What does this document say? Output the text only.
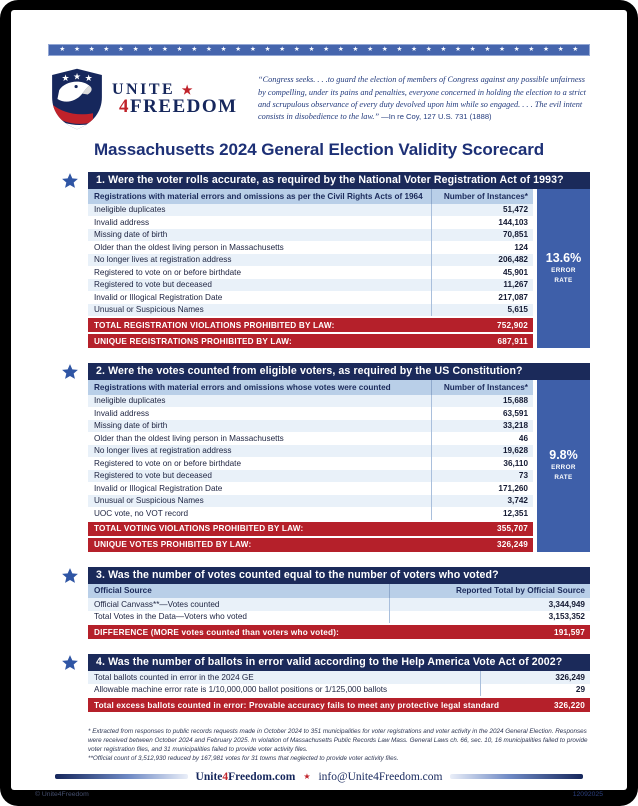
★ ★ ★ ★ ★ ★ ★ ★ ★ ★ ★ ★ ★ ★ ★ ★ ★ ★ ★ ★ ★ ★ ★ ★ ★ ★ ★ ★ ★ ★ ★ ★ ★ ★ ★ ★
★ ★ ★
UNITE ★
4FREEDOM

“Congress seeks. . . .to guard the election of members of Congress against any possible unfairness by compelling, under its pains and penalties, everyone concerned in holding the election to a strict and scrupulous observance of every duty devolved upon him while so engaged. . . . The evil intent consists in disobedience to the law.” —In re Coy, 127 U.S. 731 (1888)

Massachusetts 2024 General Election Validity Scorecard
1. Were the voter rolls accurate, as required by the National Voter Registration Act of 1993?
Registrations with material errors and omissions as per the Civil Rights Acts of 1964	Number of Instances*
Ineligible duplicates	51,472
Invalid address	144,103
Missing date of birth	70,851
Older than the oldest living person in Massachusetts	124
No longer lives at registration address	206,482
Registered to vote on or before birthdate	45,901
Registered to vote but deceased	11,267
Invalid or Illogical Registration Date	217,087
Unusual or Suspicious Names	5,615
TOTAL REGISTRATION VIOLATIONS PROHIBITED BY LAW:	752,902
UNIQUE REGISTRATIONS PROHIBITED BY LAW:	687,911
13.6%
ERROR RATE
2. Were the votes counted from eligible voters, as required by the US Constitution?
Registrations with material errors and omissions whose votes were counted	Number of Instances*
Ineligible duplicates	15,688
Invalid address	63,591
Missing date of birth	33,218
Older than the oldest living person in Massachusetts	46
No longer lives at registration address	19,628
Registered to vote on or before birthdate	36,110
Registered to vote but deceased	73
Invalid or Illogical Registration Date	171,260
Unusual or Suspicious Names	3,742
UOC vote, no VOT record	12,351
TOTAL VOTING VIOLATIONS PROHIBITED BY LAW:	355,707
UNIQUE VOTES PROHIBITED BY LAW:	326,249
9.8%
ERROR RATE
3. Was the number of votes counted equal to the number of voters who voted?
Official Source	Reported Total by Official Source
Official Canvass**—Votes counted	3,344,949
Total Votes in the Data—Voters who voted	3,153,352
DIFFERENCE (MORE votes counted than voters who voted):	191,597
4. Was the number of ballots in error valid according to the Help America Vote Act of 2002?
Total ballots counted in error in the 2024 GE	326,249
Allowable machine error rate is 1/10,000,000 ballot positions or 1/125,000 ballots	29
Total excess ballots counted in error: Provable accuracy fails to meet any protective legal standard	326,220

* Extracted from responses to public records requests made in October 2024 to 351 municipalities for voter registrations and voter activity in the 2024 General Election. Responses were received between October 2024 and February 2025. In violation of Massachusetts Public Records Law Mass. General Laws ch. 66, sec. 10, 16 municipalities failed to provide voter registration files, and 31 municipalities failed to provide voter activity files.

**Official count of 3,512,930 reduced by 167,981 votes for 31 towns that neglected to provide voter activity files.

Unite4Freedom.com ★ info@Unite4Freedom.com
© Unite4Freedom	12092025
